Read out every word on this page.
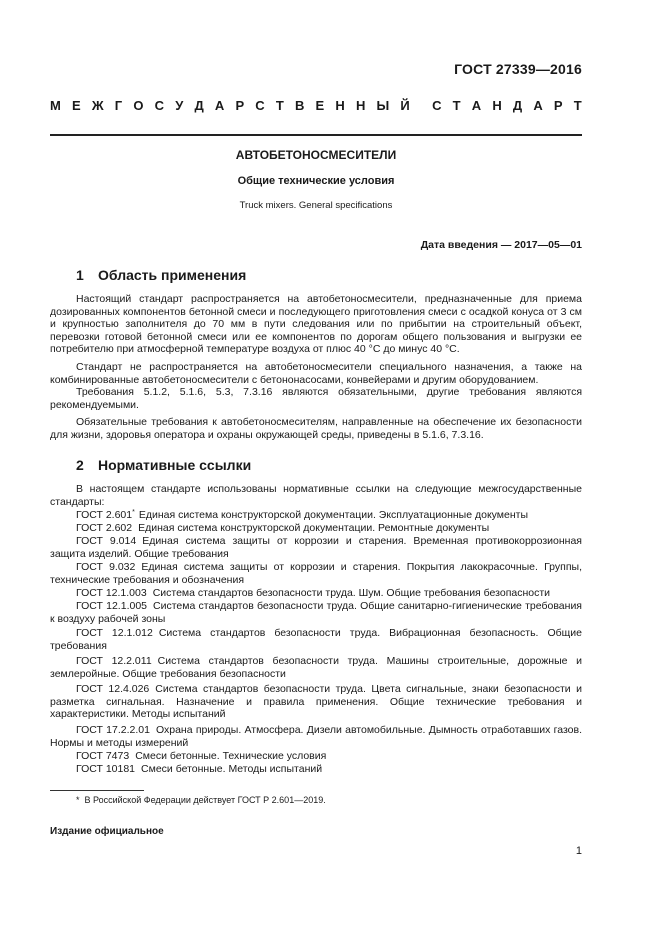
ГОСТ 27339—2016
М Е Ж Г О С У Д А Р С Т В Е Н Н Ы Й С Т А Н Д А Р Т
АВТОБЕТОНОСМЕСИТЕЛИ
Общие технические условия
Truck mixers. General specifications
Дата введения — 2017—05—01
1 Область применения
Настоящий стандарт распространяется на автобетоносмесители, предназначенные для приема дозированных компонентов бетонной смеси и последующего приготовления смеси с осадкой конуса от 3 см и крупностью заполнителя до 70 мм в пути следования или по прибытии на строительный объект, перевозки готовой бетонной смеси или ее компонентов по дорогам общего пользования и выгрузки ее потребителю при атмосферной температуре воздуха от плюс 40 °С до минус 40 °С.
Стандарт не распространяется на автобетоносмесители специального назначения, а также на комбинированные автобетоносмесители с бетононасосами, конвейерами и другим оборудованием.
Требования 5.1.2, 5.1.6, 5.3, 7.3.16 являются обязательными, другие требования являются рекомендуемыми.
Обязательные требования к автобетоносмесителям, направленные на обеспечение их безопасности для жизни, здоровья оператора и охраны окружающей среды, приведены в 5.1.6, 7.3.16.
2 Нормативные ссылки
В настоящем стандарте использованы нормативные ссылки на следующие межгосударственные стандарты:
ГОСТ 2.601* Единая система конструкторской документации. Эксплуатационные документы
ГОСТ 2.602 Единая система конструкторской документации. Ремонтные документы
ГОСТ 9.014 Единая система защиты от коррозии и старения. Временная противокоррозионная защита изделий. Общие требования
ГОСТ 9.032 Единая система защиты от коррозии и старения. Покрытия лакокрасочные. Группы, технические требования и обозначения
ГОСТ 12.1.003 Система стандартов безопасности труда. Шум. Общие требования безопасности
ГОСТ 12.1.005 Система стандартов безопасности труда. Общие санитарно-гигиенические требования к воздуху рабочей зоны
ГОСТ 12.1.012 Система стандартов безопасности труда. Вибрационная безопасность. Общие требования
ГОСТ 12.2.011 Система стандартов безопасности труда. Машины строительные, дорожные и землеройные. Общие требования безопасности
ГОСТ 12.4.026 Система стандартов безопасности труда. Цвета сигнальные, знаки безопасности и разметка сигнальная. Назначение и правила применения. Общие технические требования и характеристики. Методы испытаний
ГОСТ 17.2.2.01 Охрана природы. Атмосфера. Дизели автомобильные. Дымность отработавших газов. Нормы и методы измерений
ГОСТ 7473 Смеси бетонные. Технические условия
ГОСТ 10181 Смеси бетонные. Методы испытаний
* В Российской Федерации действует ГОСТ Р 2.601—2019.
Издание официальное
1
